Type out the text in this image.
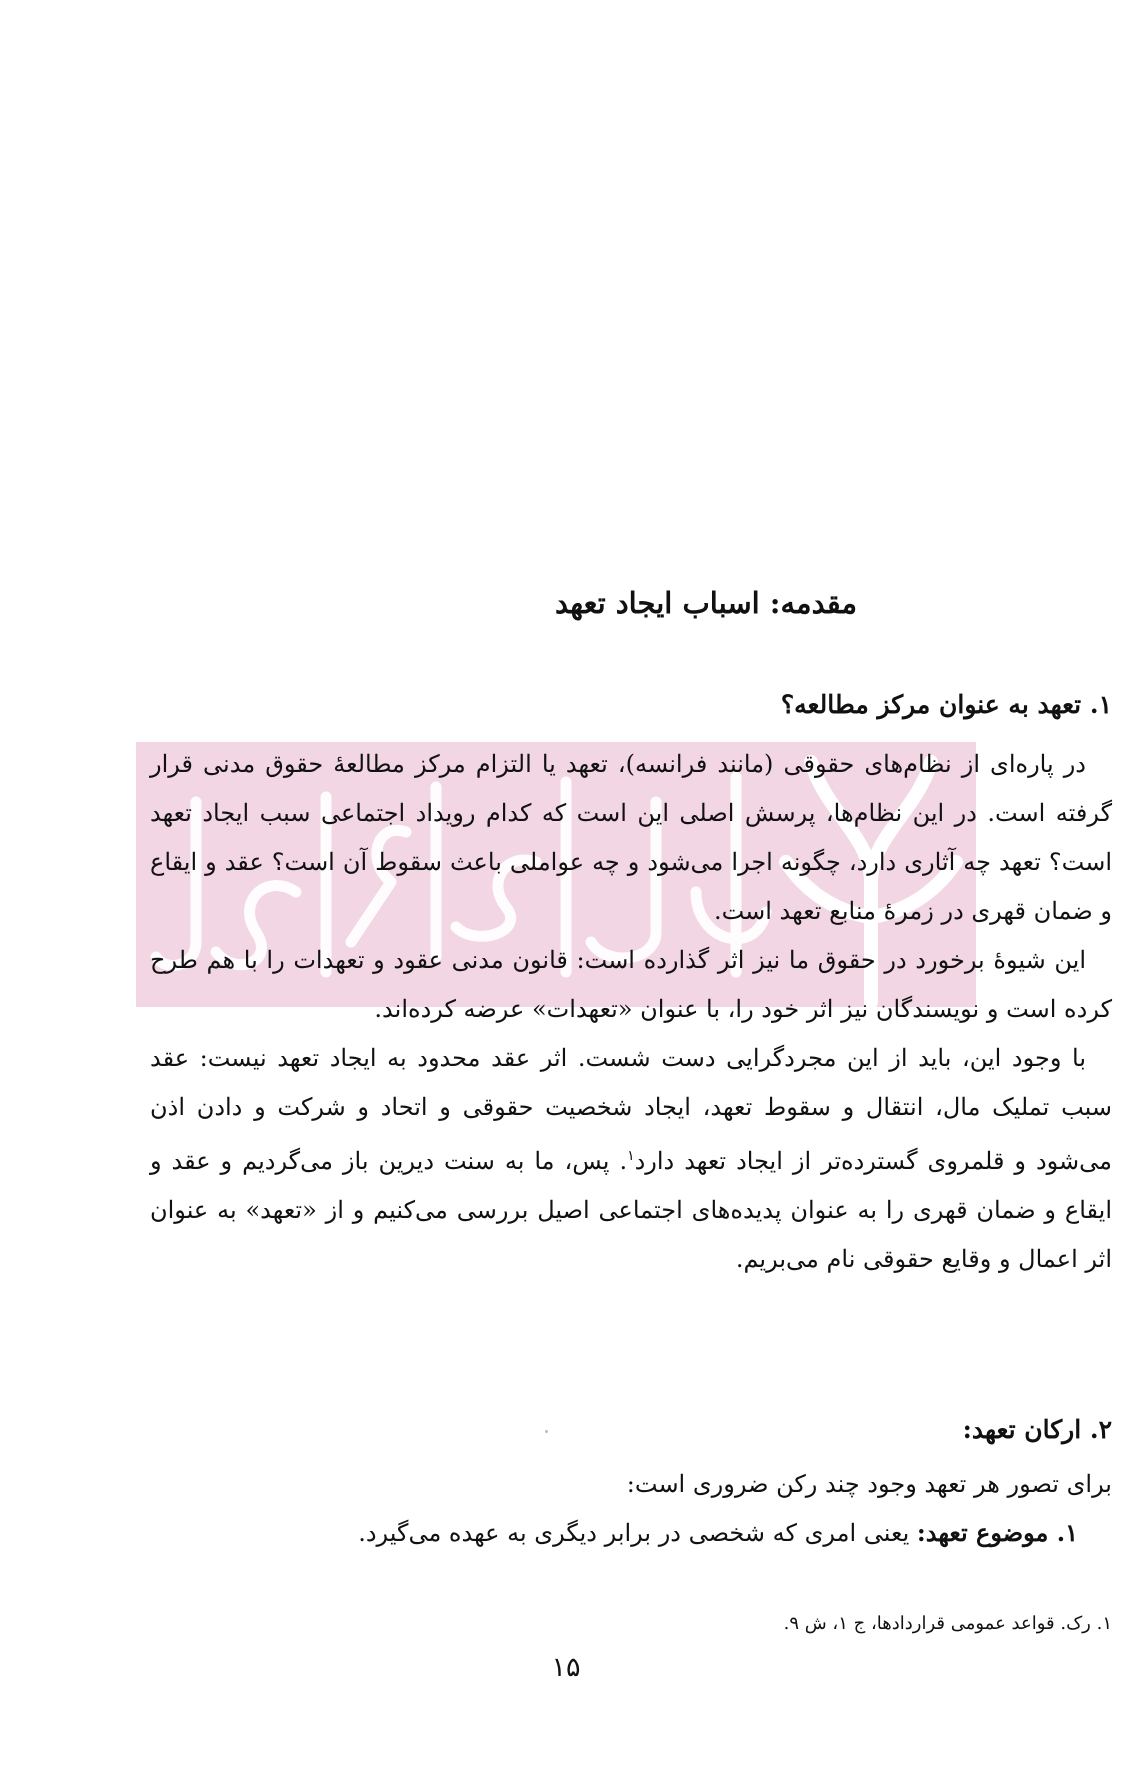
مقدمه: اسباب ایجاد تعهد
۱. تعهد به عنوان مرکز مطالعه؟

در پاره‌ای از نظام‌های حقوقی (مانند فرانسه)، تعهد یا التزام مرکز مطالعهٔ حقوق مدنی قرار گرفته است. در این نظام‌ها، پرسش اصلی این است که کدام رویداد اجتماعی سبب ایجاد تعهد است؟ تعهد چه آثاری دارد، چگونه اجرا می‌شود و چه عواملی باعث سقوط آن است؟ عقد و ایقاع و ضمان قهری در زمرهٔ منابع تعهد است.

این شیوهٔ برخورد در حقوق ما نیز اثر گذارده است: قانون مدنی عقود و تعهدات را با هم طرح کرده است و نویسندگان نیز اثر خود را، با عنوان «تعهدات» عرضه کرده‌اند.

با وجود این، باید از این مجردگرایی دست شست. اثر عقد محدود به ایجاد تعهد نیست: عقد سبب تملیک مال، انتقال و سقوط تعهد، ایجاد شخصیت حقوقی و اتحاد و شرکت و دادن اذن می‌شود و قلمروی گسترده‌تر از ایجاد تعهد دارد$^۱$. پس، ما به سنت دیرین باز می‌گردیم و عقد و ایقاع و ضمان قهری را به عنوان پدیده‌های اجتماعی اصیل بررسی می‌کنیم و از «تعهد» به عنوان اثر اعمال و وقایع حقوقی نام می‌بریم.

۲. ارکان تعهد:

برای تصور هر تعهد وجود چند رکن ضروری است:

۱. موضوع تعهد: یعنی امری که شخصی در برابر دیگری به عهده می‌گیرد.

۱. رک. قواعد عمومی قراردادها، ج ۱، ش ۹.

۱۵
